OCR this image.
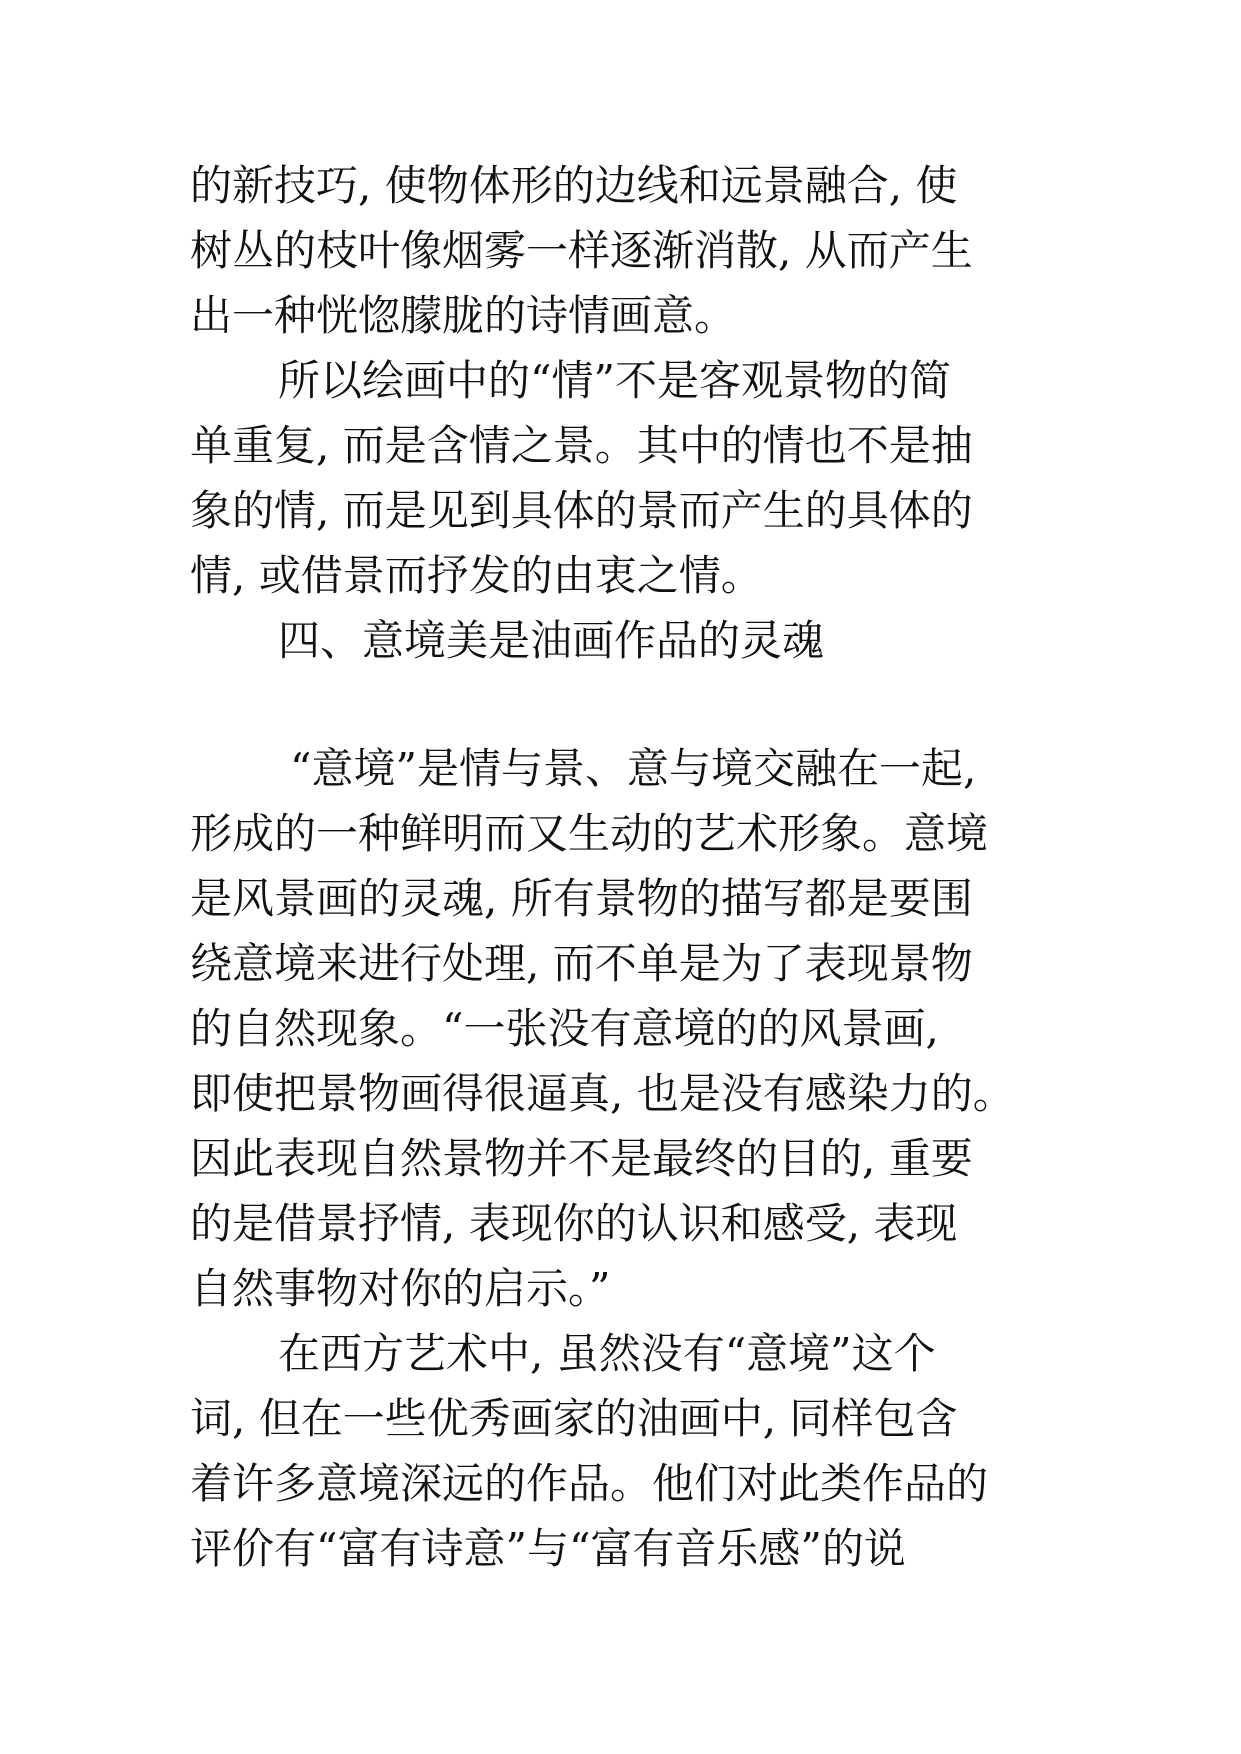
的新技巧, 使物体形的边线和远景融合, 使
树丛的枝叶像烟雾一样逐渐消散, 从而产生
出一种恍惚朦胧的诗情画意。
所以绘画中的“情”不是客观景物的简
单重复, 而是含情之景。其中的情也不是抽
象的情, 而是见到具体的景而产生的具体的
情, 或借景而抒发的由衷之情。
四、意境美是油画作品的灵魂
“意境”是情与景、意与境交融在一起,
形成的一种鲜明而又生动的艺术形象。意境
是风景画的灵魂, 所有景物的描写都是要围
绕意境来进行处理, 而不单是为了表现景物
的自然现象。“一张没有意境的的风景画,
即使把景物画得很逼真, 也是没有感染力的。
因此表现自然景物并不是最终的目的, 重要
的是借景抒情, 表现你的认识和感受, 表现
自然事物对你的启示。”
在西方艺术中, 虽然没有“意境”这个
词, 但在一些优秀画家的油画中, 同样包含
着许多意境深远的作品。他们对此类作品的
评价有“富有诗意”与“富有音乐感”的说
